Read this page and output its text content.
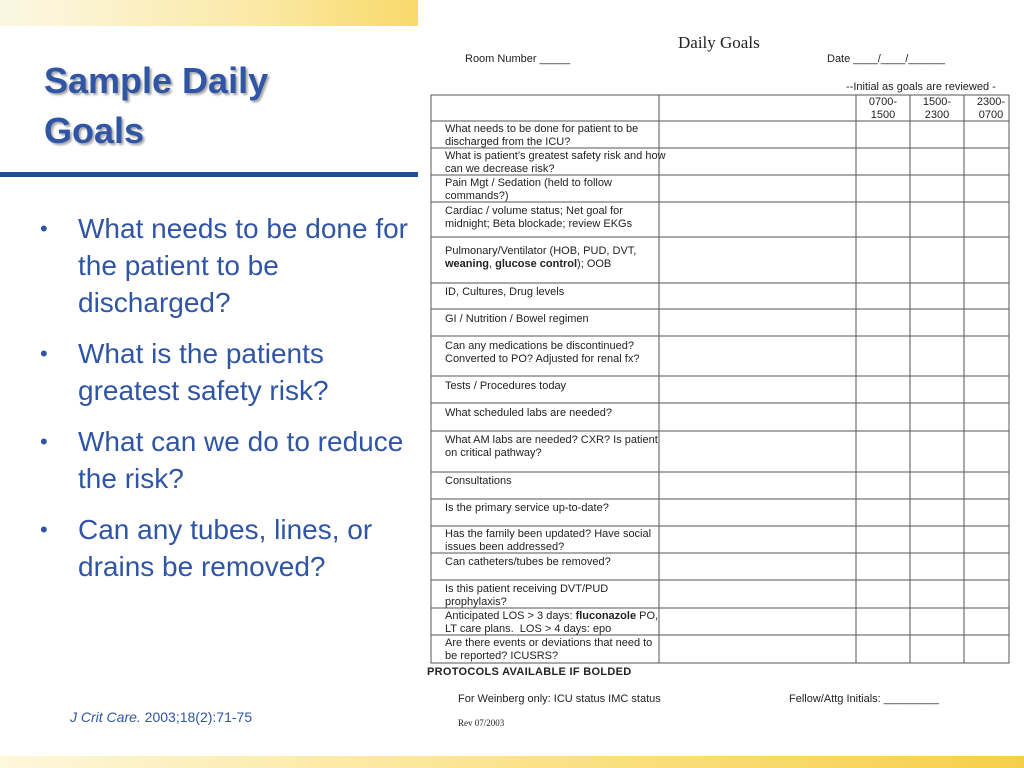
Sample Daily Goals
• What needs to be done for the patient to be discharged?
• What is the patients greatest safety risk?
• What can we do to reduce the risk?
• Can any tubes, lines, or drains be removed?
J Crit Care. 2003;18(2):71-75
Daily Goals
Room Number _____	Date ____/____/______
--Initial as goals are reviewed -
0700-1500
1500-2300
2300-0700
What needs to be done for patient to be discharged from the ICU?
What is patient’s greatest safety risk and how can we decrease risk?
Pain Mgt / Sedation (held to follow commands?)
Cardiac / volume status; Net goal for midnight; Beta blockade; review EKGs
Pulmonary/Ventilator (HOB, PUD, DVT, weaning, glucose control); OOB
ID, Cultures, Drug levels
GI / Nutrition / Bowel regimen
Can any medications be discontinued? Converted to PO? Adjusted for renal fx?
Tests / Procedures today
What scheduled labs are needed?
What AM labs are needed? CXR? Is patient on critical pathway?
Consultations
Is the primary service up-to-date?
Has the family been updated? Have social issues been addressed?
Can catheters/tubes be removed?
Is this patient receiving DVT/PUD prophylaxis?
Anticipated LOS > 3 days: fluconazole PO, LT care plans.  LOS > 4 days: epo
Are there events or deviations that need to be reported? ICUSRS?
PROTOCOLS AVAILABLE IF BOLDED
For Weinberg only: ICU status IMC status	Fellow/Attg Initials: _________
Rev 07/2003
